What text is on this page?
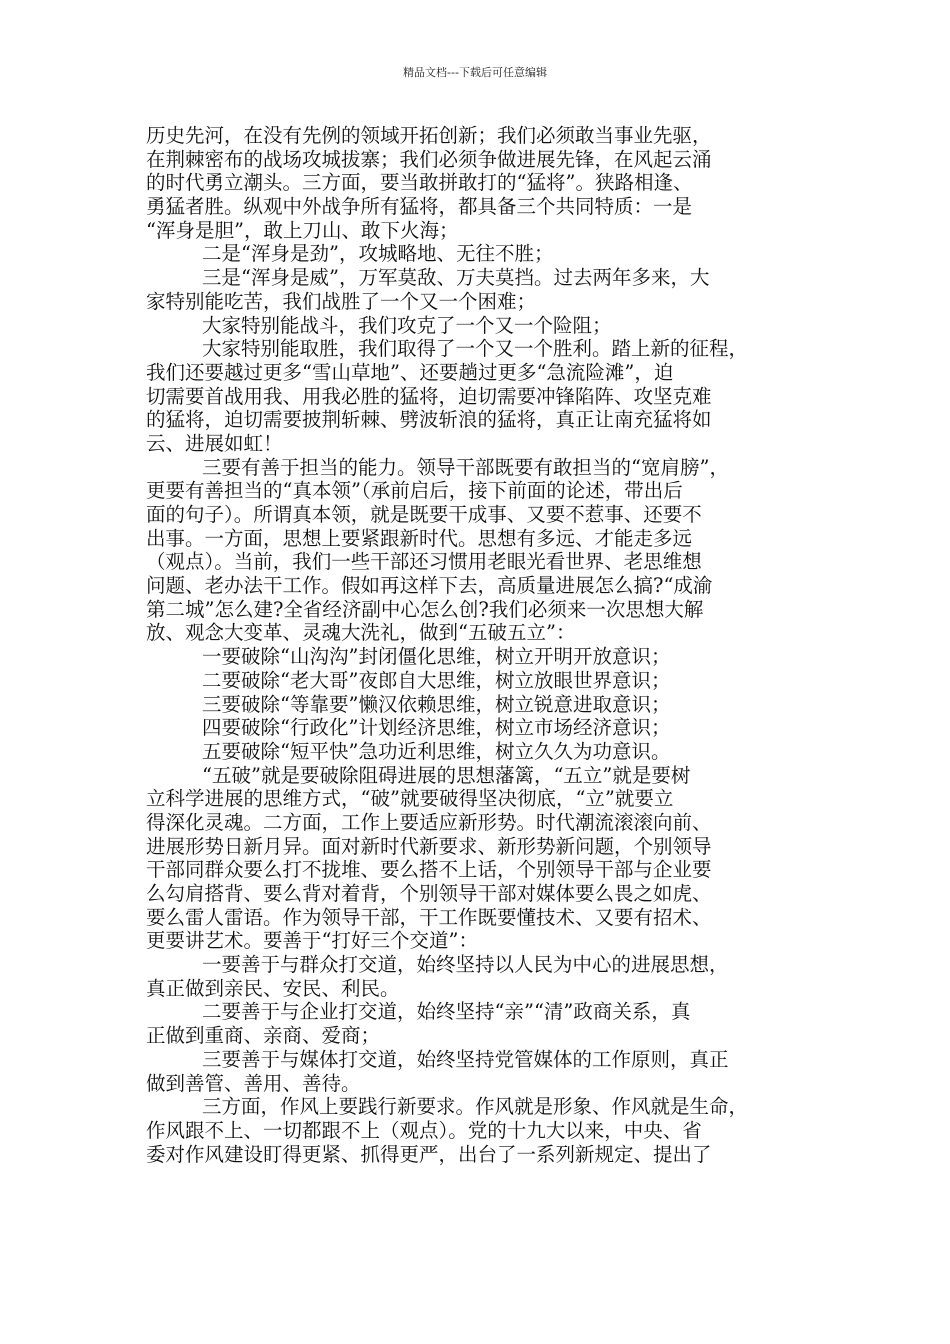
精品文档---下载后可任意编辑
历史先河，在没有先例的领域开拓创新；我们必须敢当事业先驱，
在荆棘密布的战场攻城拔寨；我们必须争做进展先锋，在风起云涌
的时代勇立潮头。三方面，要当敢拼敢打的“猛将”。狭路相逢、
勇猛者胜。纵观中外战争所有猛将，都具备三个共同特质：一是
“浑身是胆”，敢上刀山、敢下火海；
二是“浑身是劲”，攻城略地、无往不胜；
三是“浑身是威”，万军莫敌、万夫莫挡。过去两年多来，大
家特别能吃苦，我们战胜了一个又一个困难；
大家特别能战斗，我们攻克了一个又一个险阻；
大家特别能取胜，我们取得了一个又一个胜利。踏上新的征程，
我们还要越过更多“雪山草地”、还要趟过更多“急流险滩”，迫
切需要首战用我、用我必胜的猛将，迫切需要冲锋陷阵、攻坚克难
的猛将，迫切需要披荆斩棘、劈波斩浪的猛将，真正让南充猛将如
云、进展如虹！
三要有善于担当的能力。领导干部既要有敢担当的“宽肩膀”，
更要有善担当的“真本领”（承前启后，接下前面的论述，带出后
面的句子）。所谓真本领，就是既要干成事、又要不惹事、还要不
出事。一方面，思想上要紧跟新时代。思想有多远、才能走多远
（观点）。当前，我们一些干部还习惯用老眼光看世界、老思维想
问题、老办法干工作。假如再这样下去，高质量进展怎么搞?“成渝
第二城”怎么建?全省经济副中心怎么创?我们必须来一次思想大解
放、观念大变革、灵魂大洗礼，做到“五破五立”：
一要破除“山沟沟”封闭僵化思维，树立开明开放意识；
二要破除“老大哥”夜郎自大思维，树立放眼世界意识；
三要破除“等靠要”懒汉依赖思维，树立锐意进取意识；
四要破除“行政化”计划经济思维，树立市场经济意识；
五要破除“短平快”急功近利思维，树立久久为功意识。
“五破”就是要破除阻碍进展的思想藩篱，“五立”就是要树
立科学进展的思维方式，“破”就要破得坚决彻底，“立”就要立
得深化灵魂。二方面，工作上要适应新形势。时代潮流滚滚向前、
进展形势日新月异。面对新时代新要求、新形势新问题，个别领导
干部同群众要么打不拢堆、要么搭不上话，个别领导干部与企业要
么勾肩搭背、要么背对着背，个别领导干部对媒体要么畏之如虎、
要么雷人雷语。作为领导干部，干工作既要懂技术、又要有招术、
更要讲艺术。要善于“打好三个交道”：
一要善于与群众打交道，始终坚持以人民为中心的进展思想，
真正做到亲民、安民、利民。
二要善于与企业打交道，始终坚持“亲”“清”政商关系，真
正做到重商、亲商、爱商；
三要善于与媒体打交道，始终坚持党管媒体的工作原则，真正
做到善管、善用、善待。
三方面，作风上要践行新要求。作风就是形象、作风就是生命，
作风跟不上、一切都跟不上（观点）。党的十九大以来，中央、省
委对作风建设盯得更紧、抓得更严，出台了一系列新规定、提出了
